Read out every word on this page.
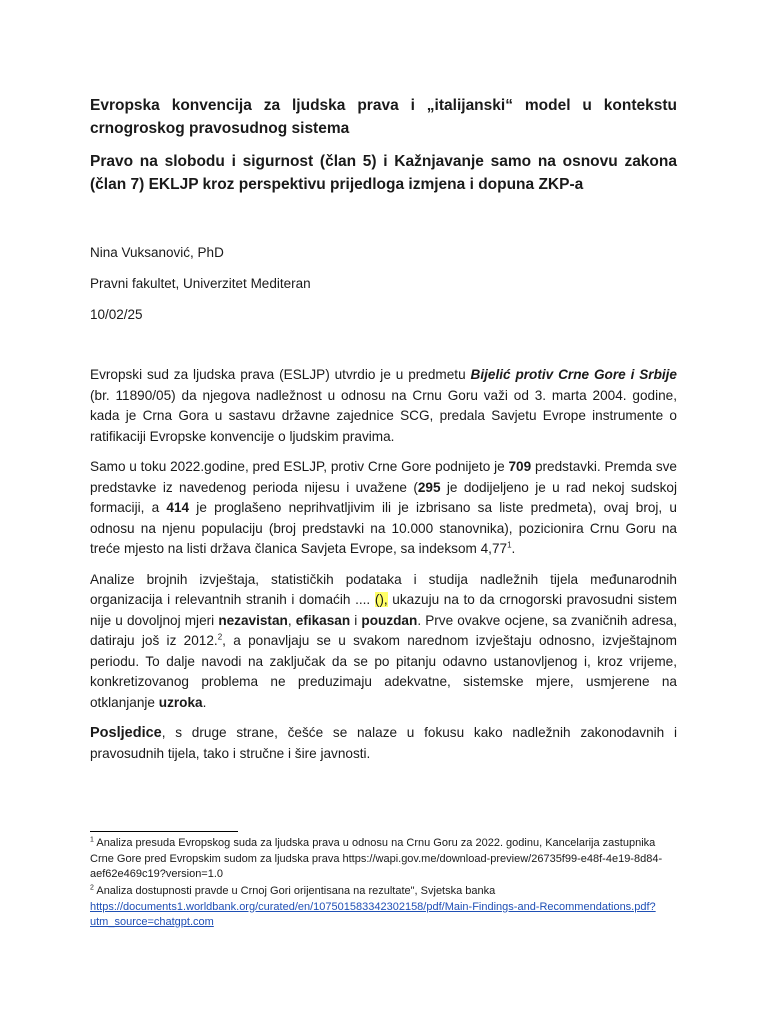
Evropska konvencija za ljudska prava i „italijanski“ model u kontekstu crnogroskog pravosudnog sistema
Pravo na slobodu i sigurnost (član 5) i Kažnjavanje samo na osnovu zakona (član 7) EKLJP kroz perspektivu prijedloga izmjena i dopuna ZKP-a

Nina Vuksanović, PhD

Pravni fakultet, Univerzitet Mediteran

10/02/25

Evropski sud za ljudska prava (ESLJP) utvrdio je u predmetu Bijelić protiv Crne Gore i Srbije (br. 11890/05) da njegova nadležnost u odnosu na Crnu Goru važi od 3. marta 2004. godine, kada je Crna Gora u sastavu državne zajednice SCG, predala Savjetu Evrope instrumente o ratifikaciji Evropske konvencije o ljudskim pravima.

Samo u toku 2022.godine, pred ESLJP, protiv Crne Gore podnijeto je 709 predstavki. Premda sve predstavke iz navedenog perioda nijesu i uvažene (295 je dodijeljeno je u rad nekoj sudskoj formaciji, a 414 je proglašeno neprihvatljivim ili je izbrisano sa liste predmeta), ovaj broj, u odnosu na njenu populaciju (broj predstavki na 10.000 stanovnika), pozicionira Crnu Goru na treće mjesto na listi država članica Savjeta Evrope, sa indeksom 4,77$^1$.

Analize brojnih izvještaja, statističkih podataka i studija nadležnih tijela međunarodnih organizacija i relevantnih stranih i domaćih .... (), ukazuju na to da crnogorski pravosudni sistem nije u dovoljnoj mjeri nezavistan, efikasan i pouzdan. Prve ovakve ocjene, sa zvaničnih adresa, datiraju još iz 2012.$^2$, a ponavljaju se u svakom narednom izvještaju odnosno, izvještajnom periodu. To dalje navodi na zaključak da se po pitanju odavno ustanovljenog i, kroz vrijeme, konkretizovanog problema ne preduzimaju adekvatne, sistemske mjere, usmjerene na otklanjanje uzroka.

Posljedice, s druge strane, češće se nalaze u fokusu kako nadležnih zakonodavnih i pravosudnih tijela, tako i stručne i šire javnosti.

$^1$ Analiza presuda Evropskog suda za ljudska prava u odnosu na Crnu Goru za 2022. godinu, Kancelarija zastupnika Crne Gore pred Evropskim sudom za ljudska prava https://wapi.gov.me/download-preview/26735f99-e48f-4e19-8d84-aef62e469c19?version=1.0

$^2$ Analiza dostupnosti pravde u Crnoj Gori orijentisana na rezultate", Svjetska banka
https://documents1.worldbank.org/curated/en/107501583342302158/pdf/Main-Findings-and-Recommendations.pdf?utm_source=chatgpt.com
